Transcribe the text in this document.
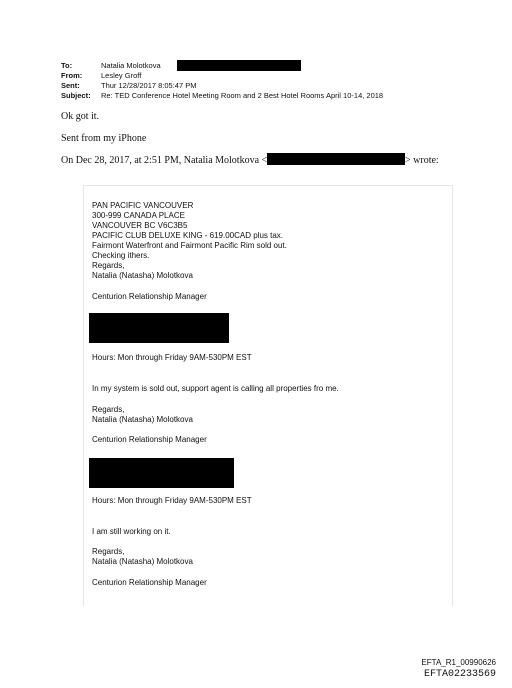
To:	Natalia Molotkova
From:	Lesley Groff
Sent:	Thur 12/28/2017 8:05:47 PM
Subject: Re: TED Conference Hotel Meeting Room and 2 Best Hotel Rooms April 10-14, 2018
Ok got it.
Sent from my iPhone
On Dec 28, 2017, at 2:51 PM, Natalia Molotkova <	> wrote:
PAN PACIFIC VANCOUVER
300-999 CANADA PLACE
VANCOUVER BC V6C3B5
PACIFIC CLUB DELUXE KING - 619.00CAD plus tax.
Fairmont Waterfront and Fairmont Pacific Rim sold out.
Checking ithers.
Regards,
Natalia (Natasha) Molotkova
Centurion Relationship Manager
Hours: Mon through Friday 9AM-530PM EST
In my system is sold out, support agent is calling all properties fro me.
Regards,
Natalia (Natasha) Molotkova
Centurion Relationship Manager
Hours: Mon through Friday 9AM-530PM EST
I am still working on it.
Regards,
Natalia (Natasha) Molotkova
Centurion Relationship Manager
EFTA_R1_00990626
EFTA02233569
